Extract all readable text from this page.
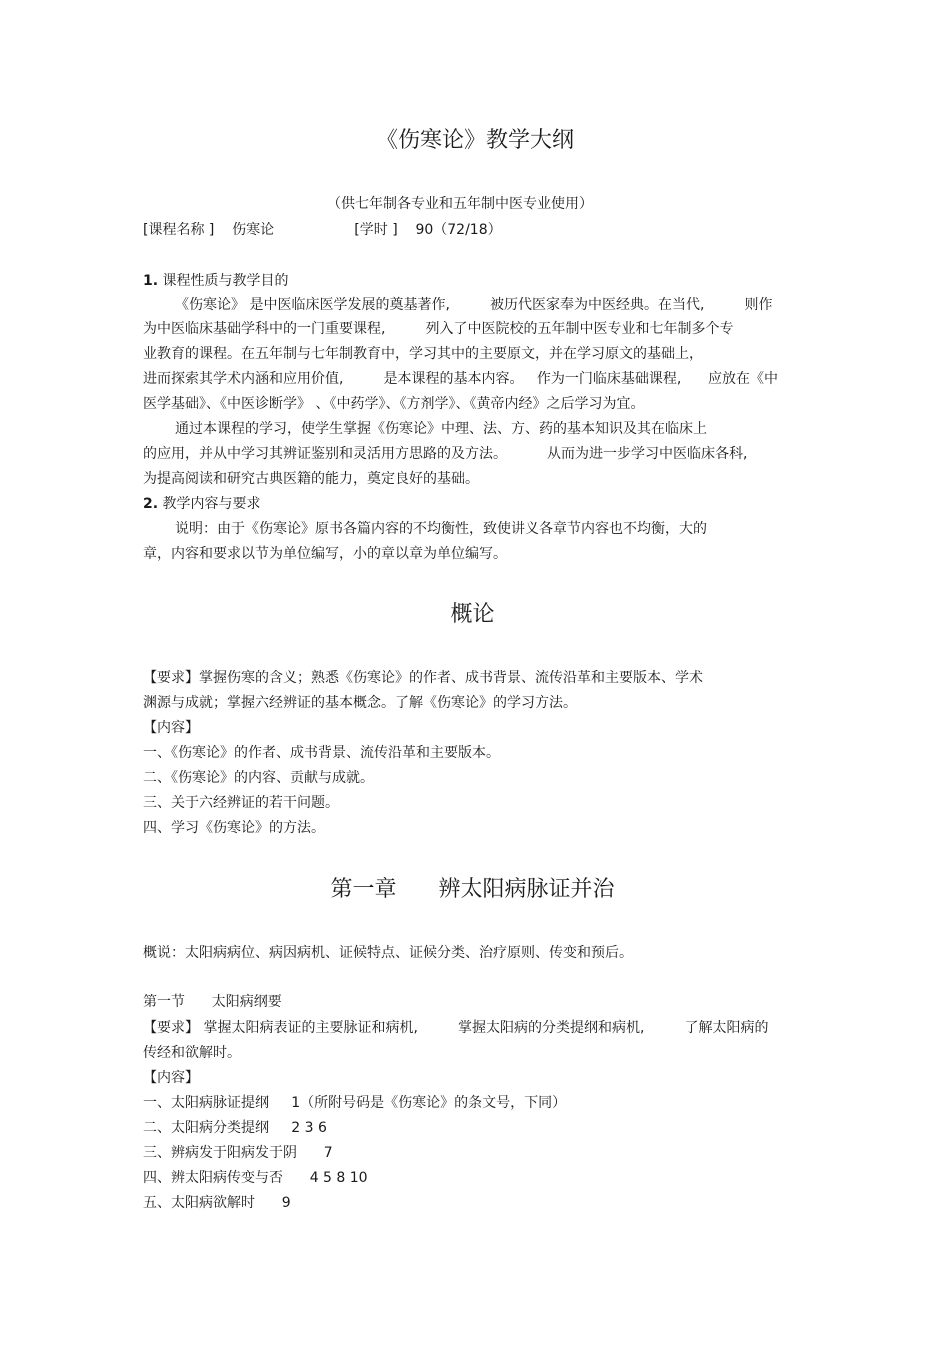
《伤寒论》教学大纲
（供七年制各专业和五年制中医专业使用）
[课程名称 ]    伤寒论                  [学时 ]    90（72/18）
1. 课程性质与教学目的
《伤寒论》 是中医临床医学发展的奠基著作,         被历代医家奉为中医经典。在当代,         则作
为中医临床基础学科中的一门重要课程,         列入了中医院校的五年制中医专业和七年制多个专
业教育的课程。在五年制与七年制教育中，学习其中的主要原文，并在学习原文的基础上，
进而探索其学术内涵和应用价值,         是本课程的基本内容。   作为一门临床基础课程,      应放在《中
医学基础》、《中医诊断学》 、《中药学》、《方剂学》、《黄帝内经》之后学习为宜。
通过本课程的学习，使学生掌握《伤寒论》中理、法、方、药的基本知识及其在临床上
的应用，并从中学习其辨证鉴别和灵活用方思路的及方法。         从而为进一步学习中医临床各科,
为提高阅读和研究古典医籍的能力，奠定良好的基础。
2. 教学内容与要求
说明：由于《伤寒论》原书各篇内容的不均衡性，致使讲义各章节内容也不均衡，大的
章，内容和要求以节为单位编写，小的章以章为单位编写。
概论
【要求】掌握伤寒的含义；熟悉《伤寒论》的作者、成书背景、流传沿革和主要版本、学术
渊源与成就；掌握六经辨证的基本概念。了解《伤寒论》的学习方法。
【内容】
一、《伤寒论》的作者、成书背景、流传沿革和主要版本。
二、《伤寒论》的内容、贡献与成就。
三、关于六经辨证的若干问题。
四、学习《伤寒论》的方法。
第一章      辨太阳病脉证并治
概说：太阳病病位、病因病机、证候特点、证候分类、治疗原则、传变和预后。
第一节      太阳病纲要
【要求】 掌握太阳病表证的主要脉证和病机,         掌握太阳病的分类提纲和病机,         了解太阳病的
传经和欲解时。
【内容】
一、太阳病脉证提纲     1（所附号码是《伤寒论》的条文号，下同）
二、太阳病分类提纲     2 3 6
三、辨病发于阳病发于阴      7
四、辨太阳病传变与否      4 5 8 10
五、太阳病欲解时      9
